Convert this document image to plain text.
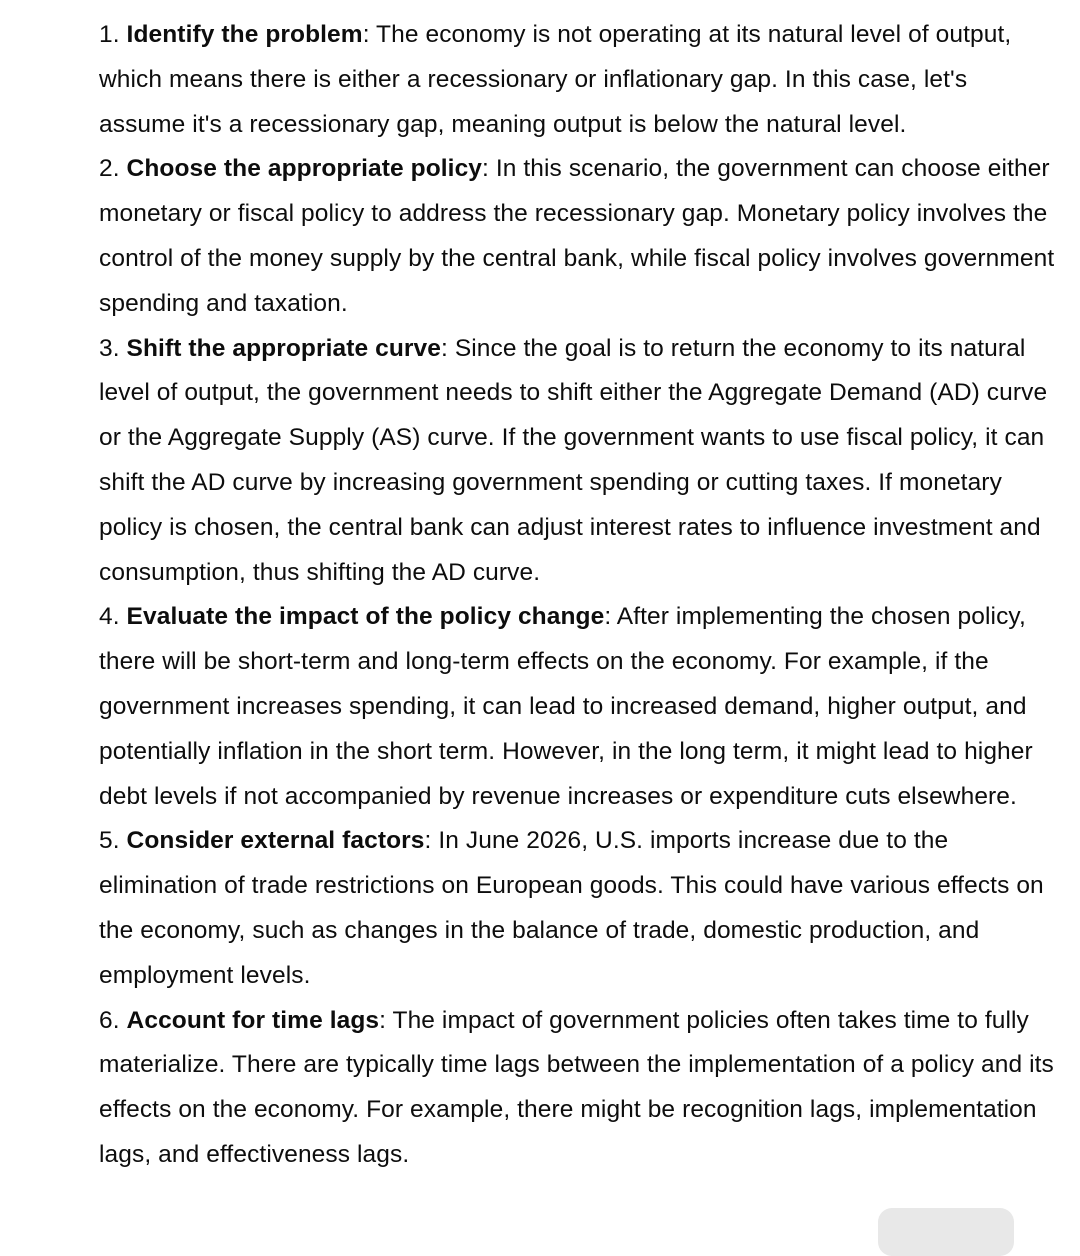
1. Identify the problem: The economy is not operating at its natural level of output, which means there is either a recessionary or inflationary gap. In this case, let's assume it's a recessionary gap, meaning output is below the natural level.

2. Choose the appropriate policy: In this scenario, the government can choose either monetary or fiscal policy to address the recessionary gap. Monetary policy involves the control of the money supply by the central bank, while fiscal policy involves government spending and taxation.

3. Shift the appropriate curve: Since the goal is to return the economy to its natural level of output, the government needs to shift either the Aggregate Demand (AD) curve or the Aggregate Supply (AS) curve. If the government wants to use fiscal policy, it can shift the AD curve by increasing government spending or cutting taxes. If monetary policy is chosen, the central bank can adjust interest rates to influence investment and consumption, thus shifting the AD curve.

4. Evaluate the impact of the policy change: After implementing the chosen policy, there will be short-term and long-term effects on the economy. For example, if the government increases spending, it can lead to increased demand, higher output, and potentially inflation in the short term. However, in the long term, it might lead to higher debt levels if not accompanied by revenue increases or expenditure cuts elsewhere.

5. Consider external factors: In June 2026, U.S. imports increase due to the elimination of trade restrictions on European goods. This could have various effects on the economy, such as changes in the balance of trade, domestic production, and employment levels.

6. Account for time lags: The impact of government policies often takes time to fully materialize. There are typically time lags between the implementation of a policy and its effects on the economy. For example, there might be recognition lags, implementation lags, and effectiveness lags.
